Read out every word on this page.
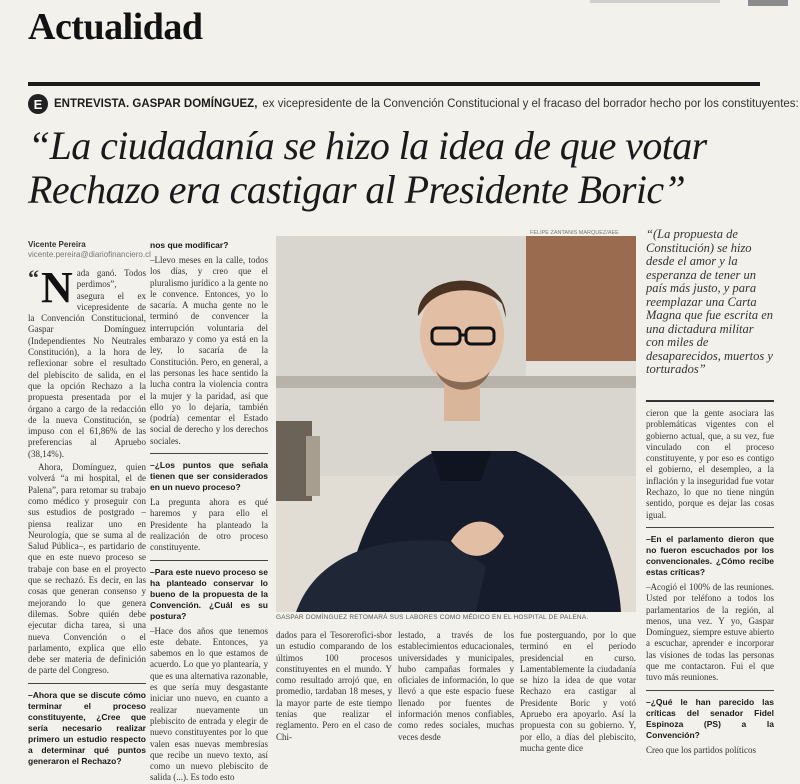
Actualidad
E	ENTREVISTA. GASPAR DOMÍNGUEZ, ex vicepresidente de la Convención Constitucional y el fracaso del borrador hecho por los constituyentes:
“La ciudadanía se hizo la idea de que votar
Rechazo era castigar al Presidente Boric”
Vicente Pereira
vicente.pereira@diariofinanciero.cl

“ N ada ganó. Todos perdimos”, asegura el ex vicepresidente de la Convención Constitucional, Gaspar Domínguez (Independientes No Neutrales Constitución), a la hora de reflexionar sobre el resultado del plebiscito de salida, en el que la opción Rechazo a la propuesta presentada por el órgano a cargo de la redacción de la nueva Constitución, se impuso con el 61,86% de las preferencias al Apruebo (38,14%).

Ahora, Domínguez, quien volverá “a mi hospital, el de Palena”, para retomar su trabajo como médico y proseguir con sus estudios de postgrado –piensa realizar uno en Neurología, que se suma al de Salud Pública–, es partidario de que en este nuevo proceso se trabaje con base en el proyecto que se rechazó. Es decir, en las cosas que generan consenso y mejorando lo que genera dilemas. Sobre quién debe ejecutar dicha tarea, si una nueva Convención o el parlamento, explica que ello debe ser materia de definición de parte del Congreso.

–Ahora que se discute cómo terminar el proceso constituyente, ¿Cree que sería necesario realizar primero un estudio respecto a determinar qué puntos generaron el Rechazo?

nos que modificar?

–Llevo meses en la calle, todos los días, y creo que el pluralismo jurídico a la gente no le convence. Entonces, yo lo sacaría. A mucha gente no le terminó de convencer la interrupción voluntaria del embarazo y como ya está en la ley, lo sacaría de la Constitución. Pero, en general, a las personas les hace sentido la lucha contra la violencia contra la mujer y la paridad, así que ello yo lo dejaría, también (podría) cementar el Estado social de derecho y los derechos sociales.

–¿Los puntos que señala tienen que ser considerados en un nuevo proceso?

La pregunta ahora es qué haremos y para ello el Presidente ha planteado la realización de otro proceso constituyente.

–Para este nuevo proceso se ha planteado conservar lo bueno de la propuesta de la Convención. ¿Cuál es su postura?

–Hace dos años que tenemos este debate. Entonces, ya sabemos en lo que estamos de acuerdo. Lo que yo plantearía, y que es una alternativa razonable, es que sería muy desgastante iniciar uno nuevo, en cuanto a realizar nuevamente un plebiscito de entrada y elegir de nuevo constituyentes por lo que valen esas nuevas membresías que recibe un nuevo texto, así como un nuevo plebiscito de salida (...). Es todo esto

FELIPE ZANTANIS MARQUEZ/AEE
GASPAR DOMÍNGUEZ RETOMARÁ SUS LABORES COMO MÉDICO EN EL HOSPITAL DE PALENA.

dados para el Tesorerofici-sbor un estudio comparando de los últimos 100 procesos constituyentes en el mundo. Y como resultado arrojó que, en promedio, tardaban 18 meses, y la mayor parte de este tiempo tenías que realizar el reglamento. Pero en el caso de Chi-

lestado, a través de los establecimientos educacionales, universidades y municipales, hubo campañas formales y oficiales de información, lo que llevó a que este espacio fuese llenado por fuentes de información menos confiables, como redes sociales, muchas veces desde

fue posterguando, por lo que terminó en el período presidencial en curso. Lamentablemente la ciudadanía se hizo la idea de que votar Rechazo era castigar al Presidente Boric y votó Apruebo era apoyarlo. Así la propuesta con su gobierno. Y, por ello, a días del plebiscito, mucha gente dice

“(La propuesta de Constitución) se hizo desde el amor y la esperanza de tener un país más justo, y para reemplazar una Carta Magna que fue escrita en una dictadura militar con miles de desaparecidos, muertos y torturados”

cieron que la gente asociara las problemáticas vigentes con el gobierno actual, que, a su vez, fue vinculado con el proceso constituyente, y por eso es contigo el gobierno, el desempleo, a la inflación y la inseguridad fue votar Rechazo, lo que no tiene ningún sentido, porque es dejar las cosas igual.

–En el parlamento dieron que no fueron escuchados por los convencionales. ¿Cómo recibe estas críticas?

–Acogió el 100% de las reuniones. Usted por teléfono a todos los parlamentarios de la región, al menos, una vez. Y yo, Gaspar Domínguez, siempre estuve abierto a escuchar, aprender e incorporar las visiones de todas las personas que me contactaron. Fui el que tuvo más reuniones.

–¿Qué le han parecido las críticas del senador Fidel Espinoza (PS) a la Convención?

Creo que los partidos políticos
